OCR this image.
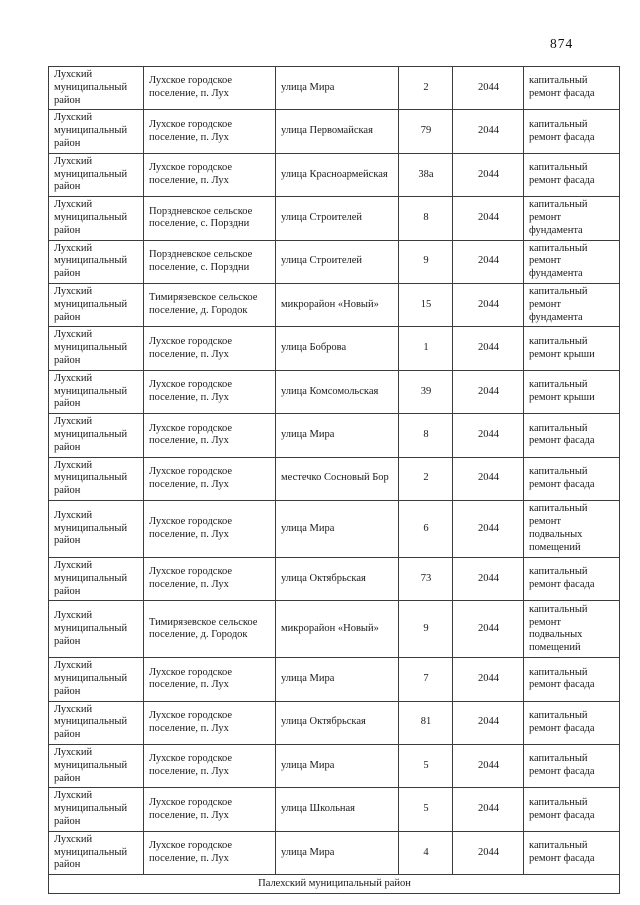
874
Лухский муниципальный район	Лухское городское поселение, п. Лух	улица Мира	2	2044	капитальный ремонт фасада
Лухский муниципальный район	Лухское городское поселение, п. Лух	улица Первомайская	79	2044	капитальный ремонт фасада
Лухский муниципальный район	Лухское городское поселение, п. Лух	улица Красноармейская	38а	2044	капитальный ремонт фасада
Лухский муниципальный район	Порздневское сельское поселение, с. Порздни	улица Строителей	8	2044	капитальный ремонт фундамента
Лухский муниципальный район	Порздневское сельское поселение, с. Порздни	улица Строителей	9	2044	капитальный ремонт фундамента
Лухский муниципальный район	Тимирязевское сельское поселение, д. Городок	микрорайон «Новый»	15	2044	капитальный ремонт фундамента
Лухский муниципальный район	Лухское городское поселение, п. Лух	улица Боброва	1	2044	капитальный ремонт крыши
Лухский муниципальный район	Лухское городское поселение, п. Лух	улица Комсомольская	39	2044	капитальный ремонт крыши
Лухский муниципальный район	Лухское городское поселение, п. Лух	улица Мира	8	2044	капитальный ремонт фасада
Лухский муниципальный район	Лухское городское поселение, п. Лух	местечко Сосновый Бор	2	2044	капитальный ремонт фасада
Лухский муниципальный район	Лухское городское поселение, п. Лух	улица Мира	6	2044	капитальный ремонт подвальных помещений
Лухский муниципальный район	Лухское городское поселение, п. Лух	улица Октябрьская	73	2044	капитальный ремонт фасада
Лухский муниципальный район	Тимирязевское сельское поселение, д. Городок	микрорайон «Новый»	9	2044	капитальный ремонт подвальных помещений
Лухский муниципальный район	Лухское городское поселение, п. Лух	улица Мира	7	2044	капитальный ремонт фасада
Лухский муниципальный район	Лухское городское поселение, п. Лух	улица Октябрьская	81	2044	капитальный ремонт фасада
Лухский муниципальный район	Лухское городское поселение, п. Лух	улица Мира	5	2044	капитальный ремонт фасада
Лухский муниципальный район	Лухское городское поселение, п. Лух	улица Школьная	5	2044	капитальный ремонт фасада
Лухский муниципальный район	Лухское городское поселение, п. Лух	улица Мира	4	2044	капитальный ремонт фасада
Палехский муниципальный район					
